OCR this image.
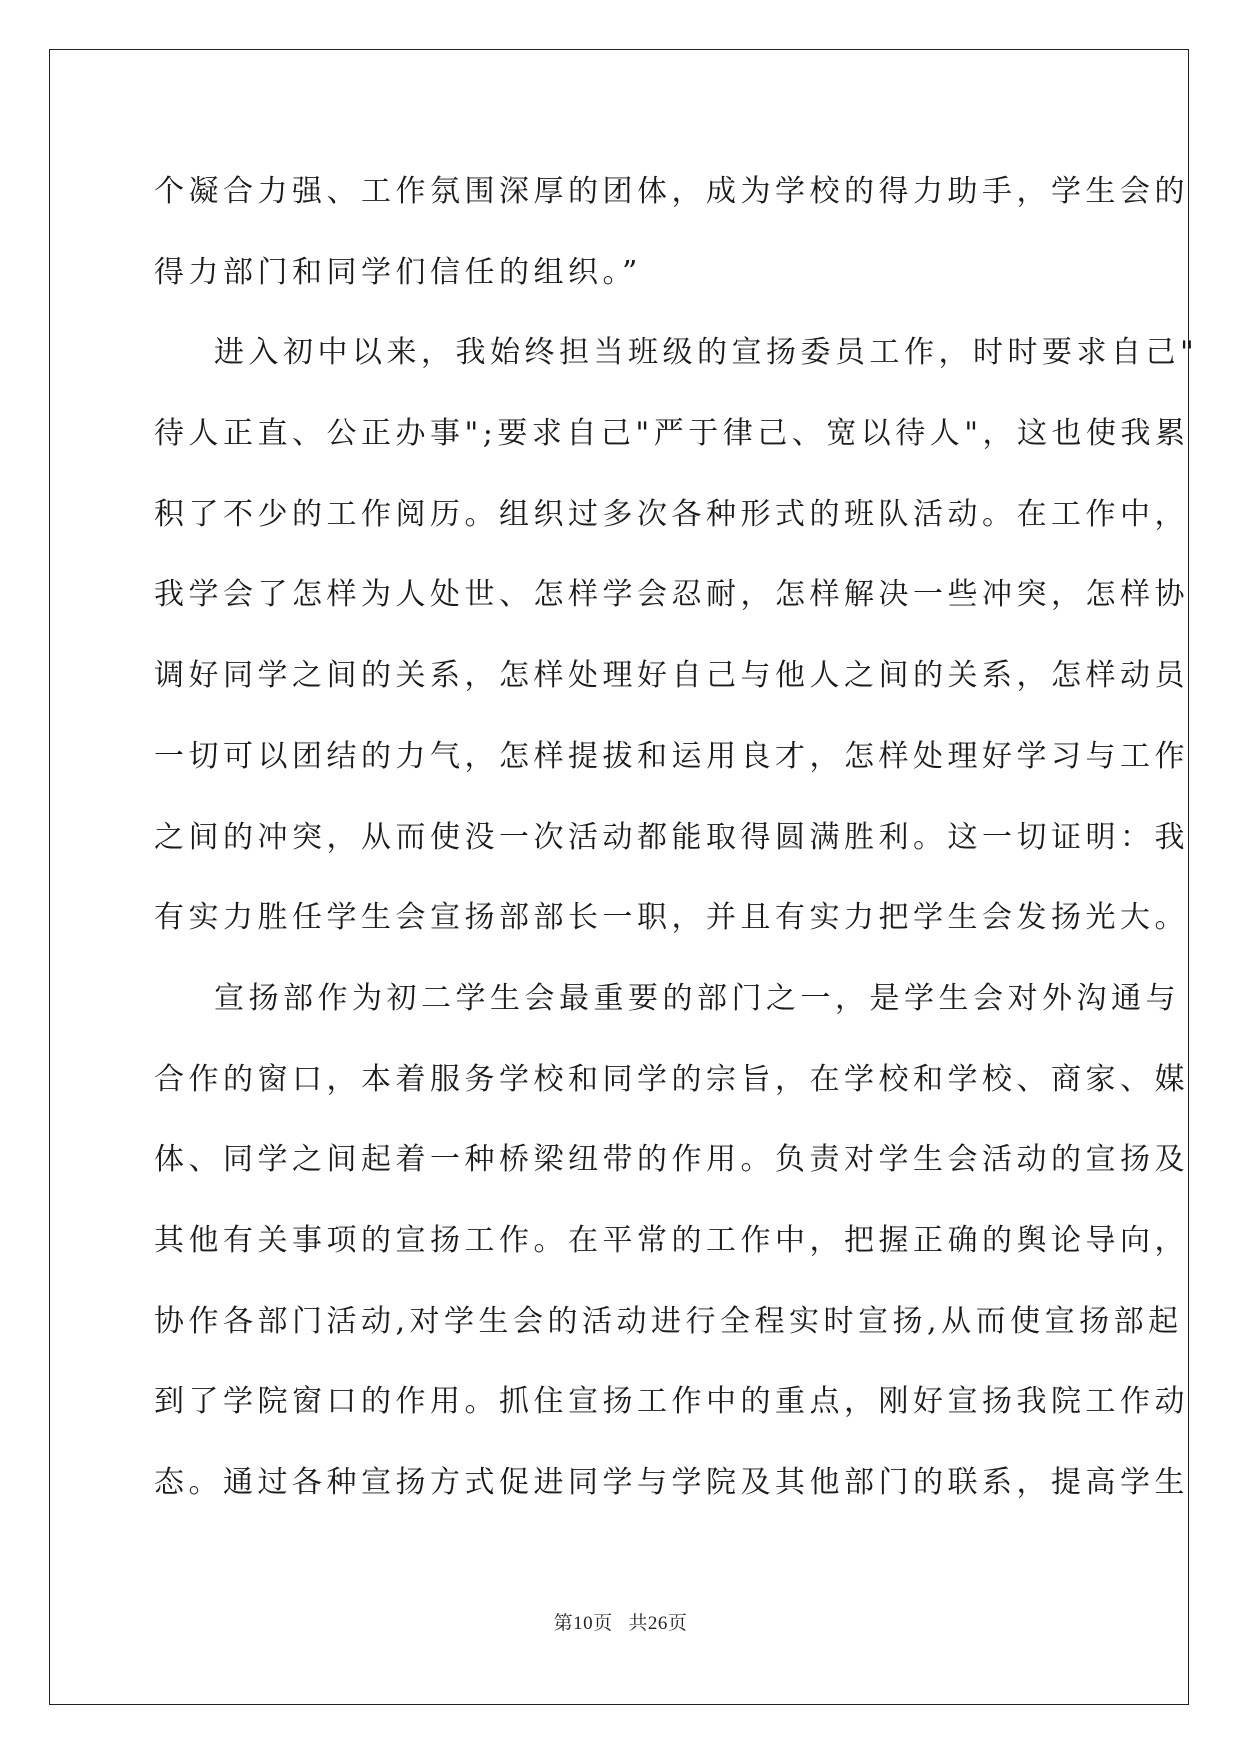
个凝合力强、工作氛围深厚的团体，成为学校的得力助手，学生会的
得力部门和同学们信任的组织。”
进入初中以来，我始终担当班级的宣扬委员工作，时时要求自己"
待人正直、公正办事";要求自己"严于律己、宽以待人"，这也使我累
积了不少的工作阅历。组织过多次各种形式的班队活动。在工作中，
我学会了怎样为人处世、怎样学会忍耐，怎样解决一些冲突，怎样协
调好同学之间的关系，怎样处理好自己与他人之间的关系，怎样动员
一切可以团结的力气，怎样提拔和运用良才，怎样处理好学习与工作
之间的冲突，从而使没一次活动都能取得圆满胜利。这一切证明：我
有实力胜任学生会宣扬部部长一职，并且有实力把学生会发扬光大。
宣扬部作为初二学生会最重要的部门之一，是学生会对外沟通与
合作的窗口，本着服务学校和同学的宗旨，在学校和学校、商家、媒
体、同学之间起着一种桥梁纽带的作用。负责对学生会活动的宣扬及
其他有关事项的宣扬工作。在平常的工作中，把握正确的舆论导向，
协作各部门活动,对学生会的活动进行全程实时宣扬,从而使宣扬部起
到了学院窗口的作用。抓住宣扬工作中的重点，刚好宣扬我院工作动
态。通过各种宣扬方式促进同学与学院及其他部门的联系，提高学生
第10页 共26页
